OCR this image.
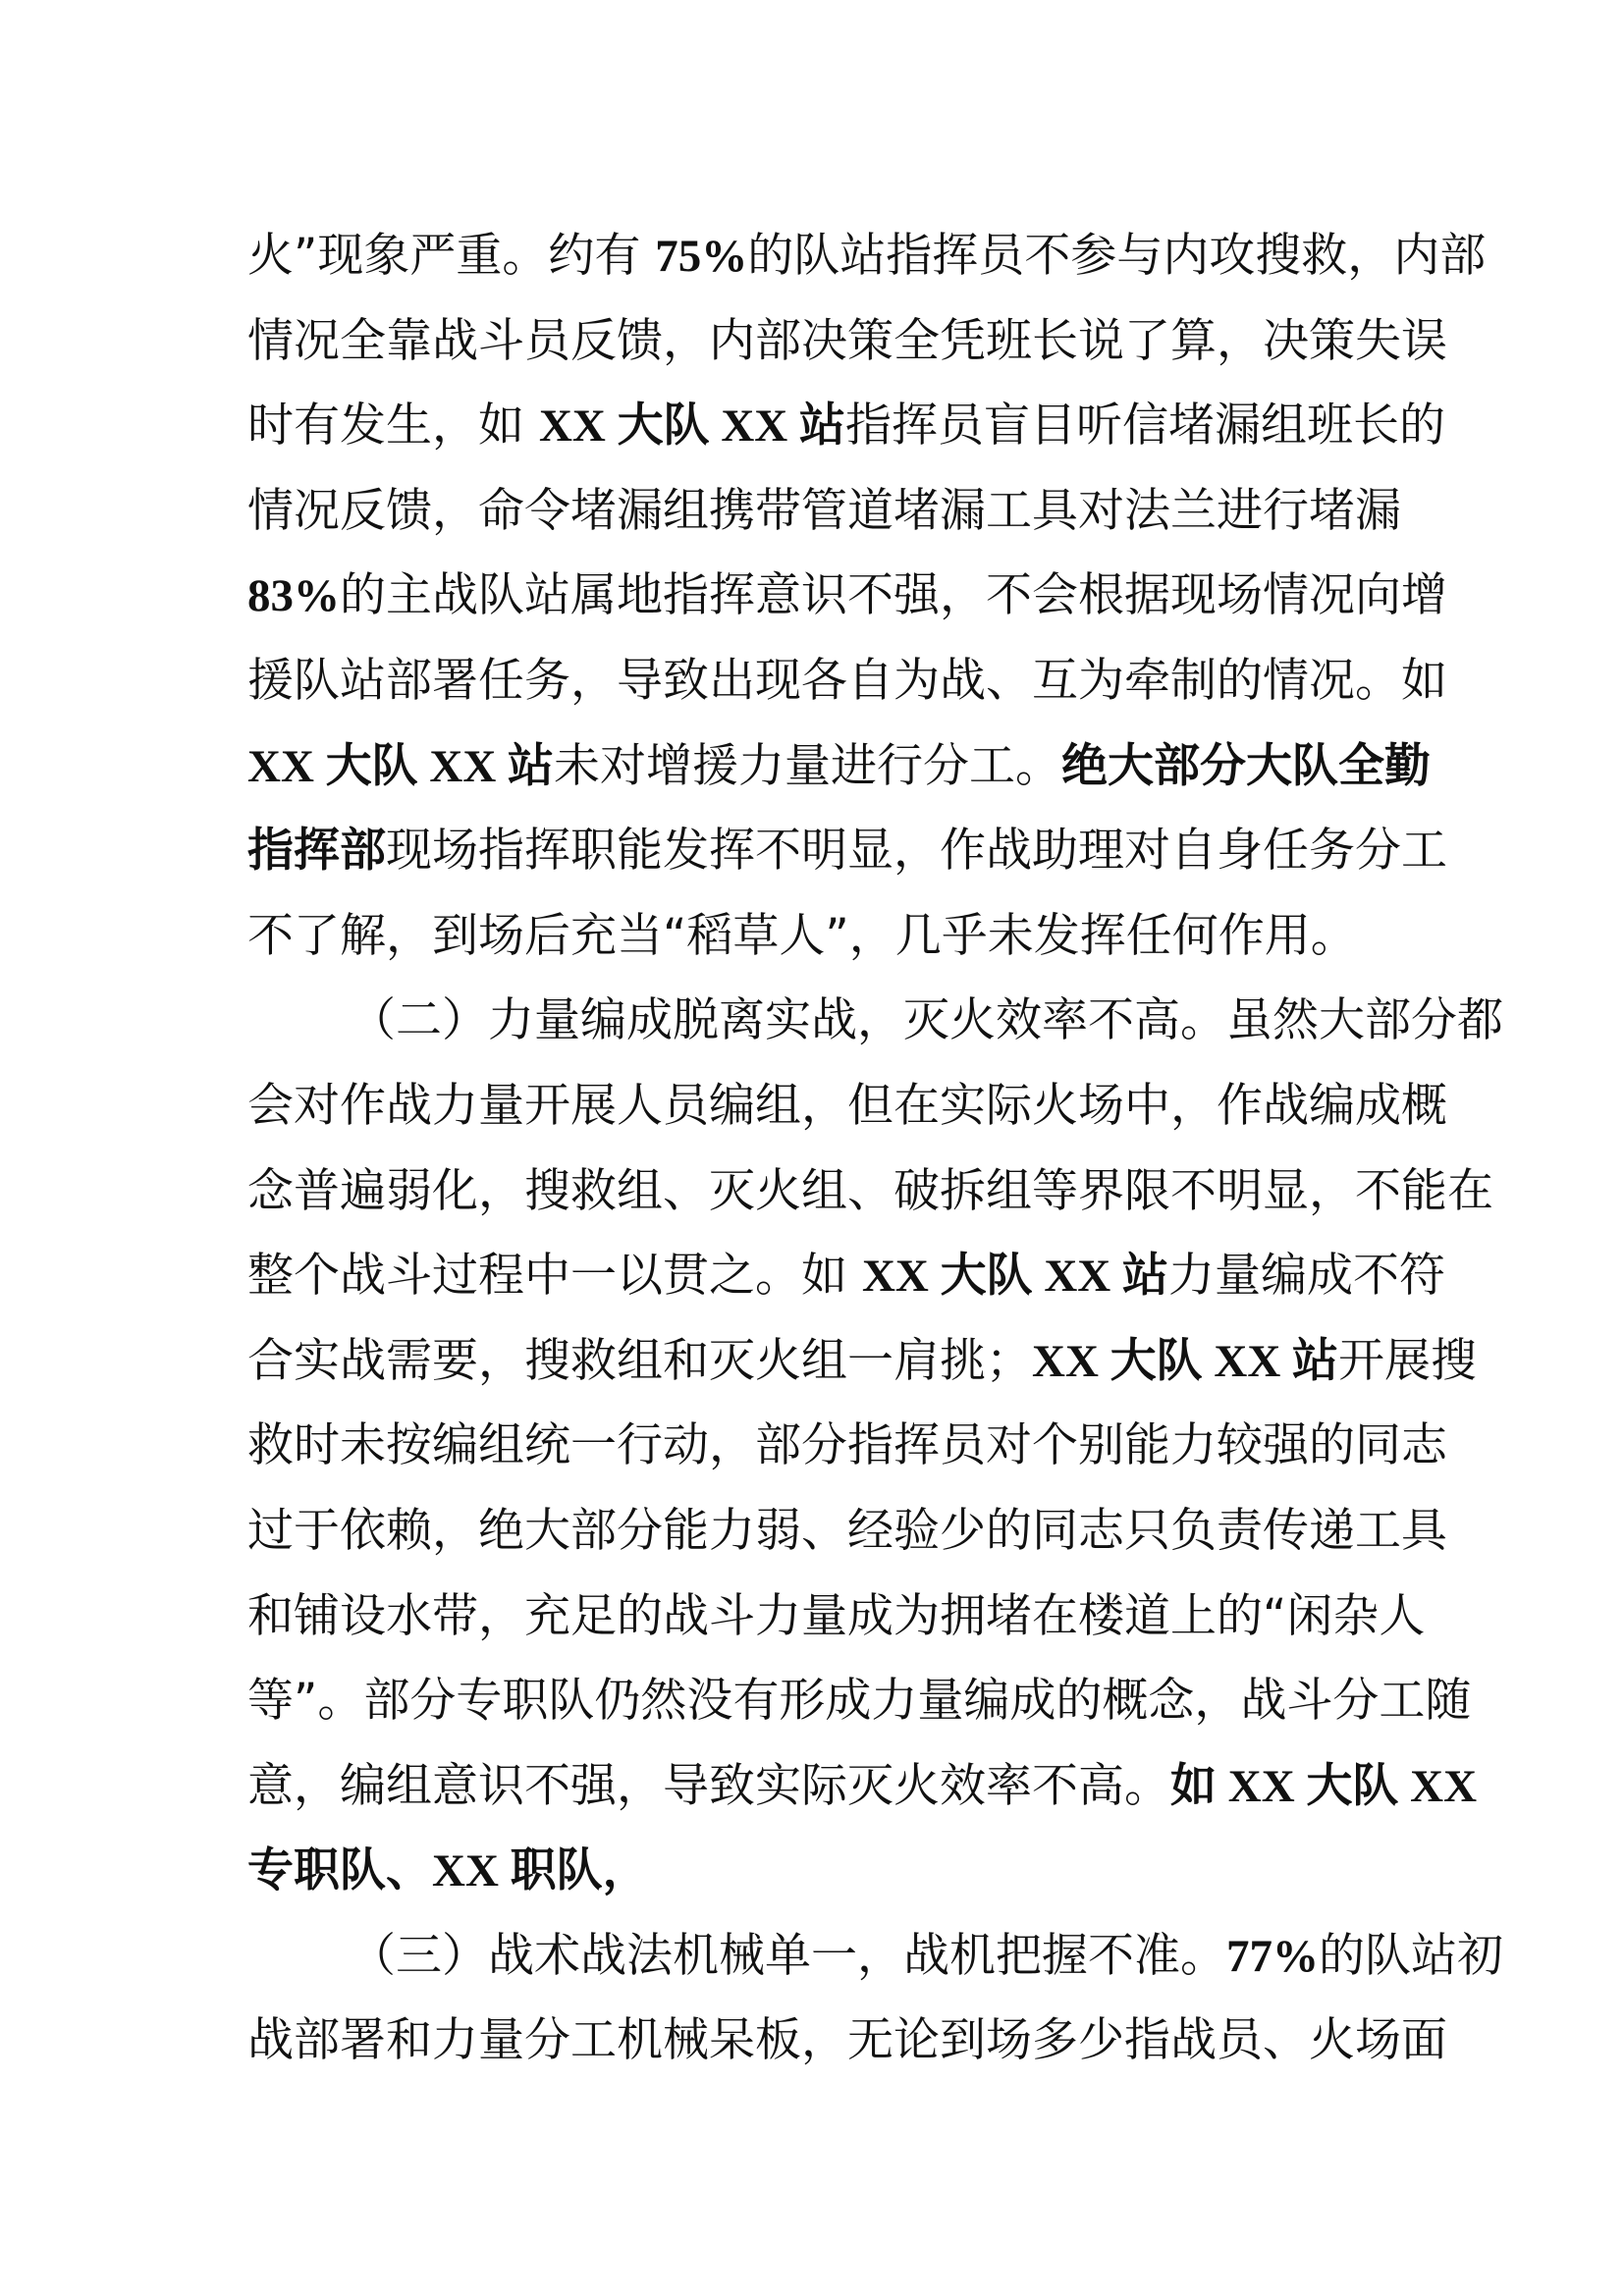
火”现象严重。约有 75%的队站指挥员不参与内攻搜救，内部
情况全靠战斗员反馈，内部决策全凭班长说了算，决策失误
时有发生，如 XX 大队 XX 站指挥员盲目听信堵漏组班长的
情况反馈，命令堵漏组携带管道堵漏工具对法兰进行堵漏
83%的主战队站属地指挥意识不强，不会根据现场情况向增
援队站部署任务，导致出现各自为战、互为牵制的情况。如
XX 大队 XX 站未对增援力量进行分工。绝大部分大队全勤
指挥部现场指挥职能发挥不明显，作战助理对自身任务分工
不了解，到场后充当“稻草人”，几乎未发挥任何作用。
（二）力量编成脱离实战，灭火效率不高。虽然大部分都
会对作战力量开展人员编组，但在实际火场中，作战编成概
念普遍弱化，搜救组、灭火组、破拆组等界限不明显，不能在
整个战斗过程中一以贯之。如 XX 大队 XX 站力量编成不符
合实战需要，搜救组和灭火组一肩挑；XX 大队 XX 站开展搜
救时未按编组统一行动，部分指挥员对个别能力较强的同志
过于依赖，绝大部分能力弱、经验少的同志只负责传递工具
和铺设水带，充足的战斗力量成为拥堵在楼道上的“闲杂人
等”。部分专职队仍然没有形成力量编成的概念，战斗分工随
意，编组意识不强，导致实际灭火效率不高。如 XX 大队 XX
专职队、XX 职队，
（三）战术战法机械单一，战机把握不准。77%的队站初
战部署和力量分工机械呆板，无论到场多少指战员、火场面
